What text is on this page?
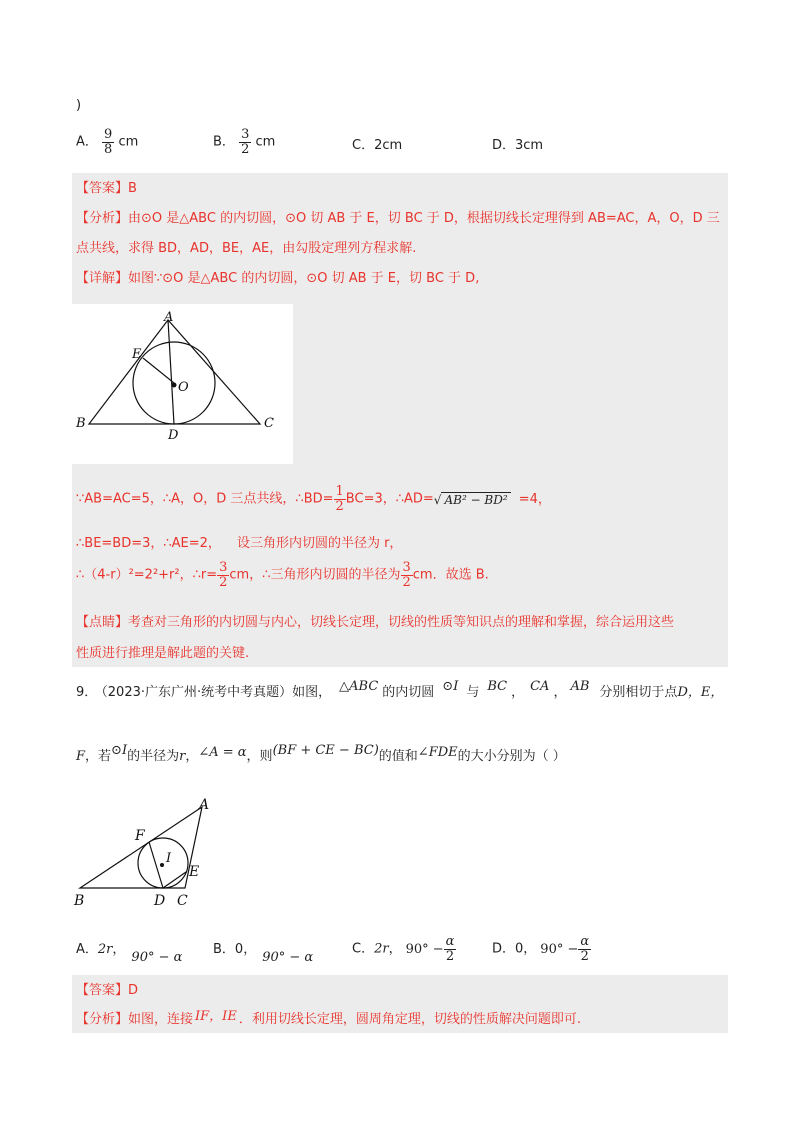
)
A． $\frac{9}{8}$ cm	B． $\frac{3}{2}$ cm	C．2cm	D．3cm
【答案】B
【分析】由⊙O 是△ABC 的内切圆，⊙O 切 AB 于 E，切 BC 于 D，根据切线长定理得到 AB=AC，A，O，D 三
点共线，求得 BD，AD，BE，AE，由勾股定理列方程求解.
【详解】如图∵⊙O 是△ABC 的内切圆，⊙O 切 AB 于 E，切 BC 于 D,
A
E
O
B
D
C
∵AB=AC=5，∴A，O，D 三点共线，∴BD= $\frac{1}{2} BC=3$，∴AD=√ AB² − BD² =4，
∴BE=BD=3，∴AE=2， 设三角形内切圆的半径为 r，
∴（4-r）²=2²+r²，∴r= $\frac{3}{2}$ cm，∴三角形内切圆的半径为 $\frac{3}{2}$ cm．故选 B.
【点睛】考查对三角形的内切圆与内心，切线长定理，切线的性质等知识点的理解和掌握，综合运用这些
性质进行推理是解此题的关键.
9． （2023·广东广州·统考中考真题）如图， △ABC 的内切圆 ⊙I 与 BC ， CA ， AB 分别相切于点D，E，
F，若⊙I的半径为r，∠A = α，则(BF + CE − BC)的值和∠FDE的大小分别为（ ）
A
F
I
E
B	D C
A．2r，90° − α
B．0，90° − α
C．2r， $90^\circ - \frac{\alpha}{2}$	D．0， $90^\circ - \frac{\alpha}{2}$
【答案】D
【分析】如图，连接 IF，IE ．利用切线长定理，圆周角定理，切线的性质解决问题即可.
